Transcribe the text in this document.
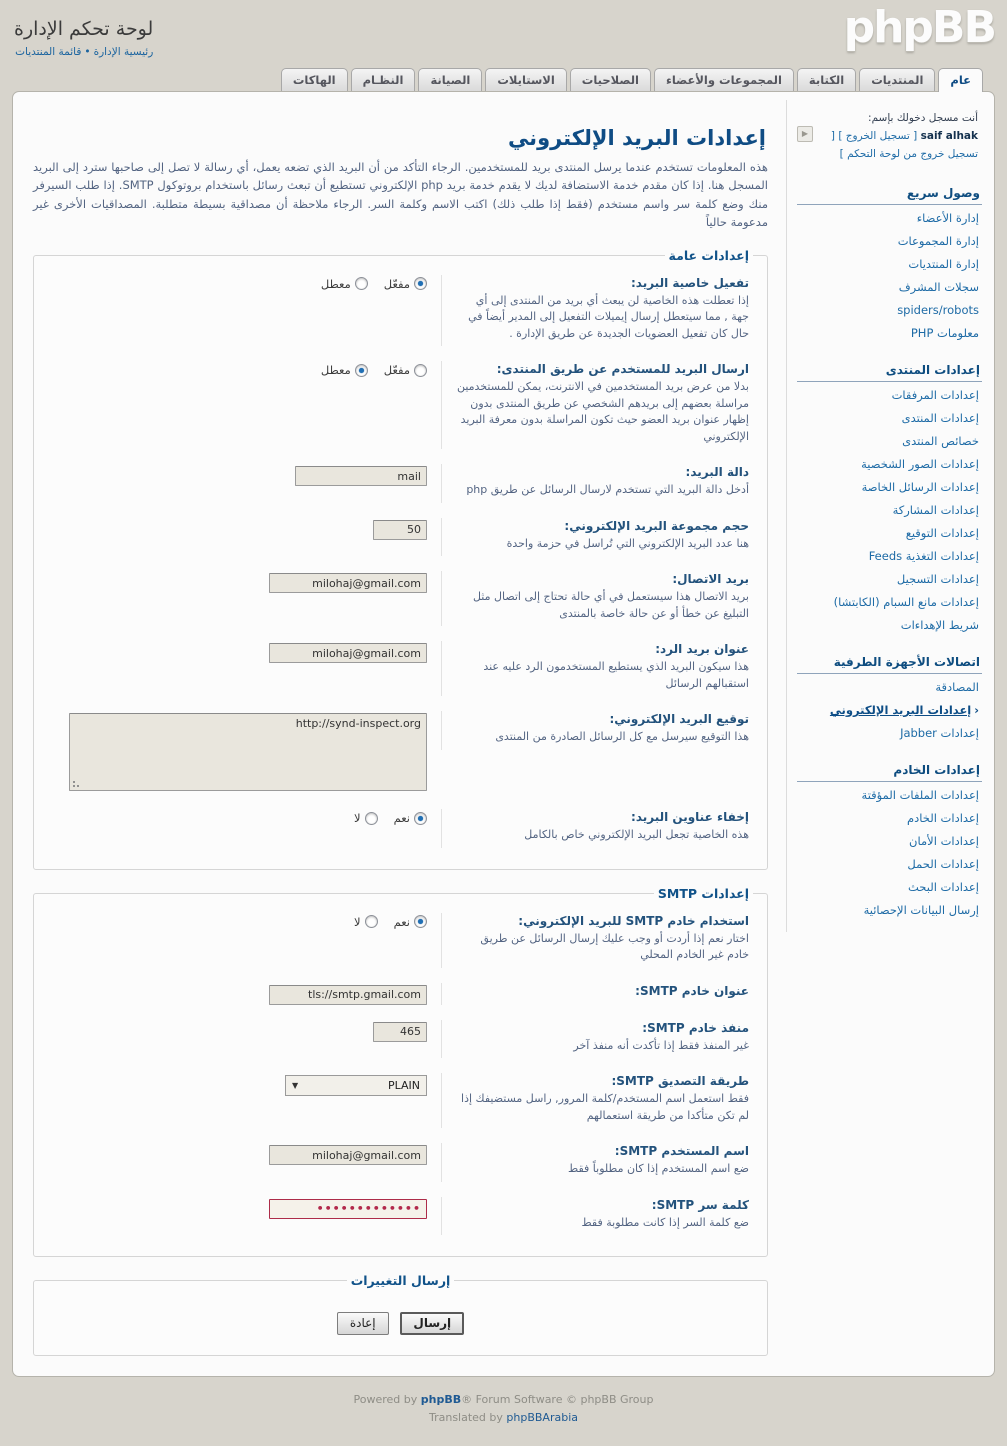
لوحة تحكم الإدارة
رئيسية الإدارة•قائمة المنتديات	phpBB
عام
المنتديات
الكتابة
المجموعات والأعضاء
الصلاحيات
الاستايلات
الصيانة
النظـام
الهاكات
▶
أنت مسجل دخولك بإسم:
saif alhak [ تسجيل الخروج ] [ تسجيل خروج من لوحة التحكم ]
وصول سريع
إدارة الأعضاء
إدارة المجموعات
إدارة المنتديات
سجلات المشرف
spiders/robots
معلومات PHP
إعدادات المنتدى
إعدادات المرفقات
إعدادات المنتدى
خصائص المنتدى
إعدادات الصور الشخصية
إعدادات الرسائل الخاصة
إعدادات المشاركة
إعدادات التوقيع
إعدادات التغذية Feeds
إعدادات التسجيل
إعدادات مانع السبام (الكابتشا)
شريط الإهداءات
اتصالات الأجهزة الطرفية
المصادقة
‹إعدادات البريد الإلكتروني
إعدادات Jabber
إعدادات الخادم
إعدادات الملفات المؤقتة
إعدادات الخادم
إعدادات الأمان
إعدادات الحمل
إعدادات البحث
إرسال البيانات الإحصائية
إعدادات البريد الإلكتروني

هذه المعلومات تستخدم عندما يرسل المنتدى بريد للمستخدمين. الرجاء التأكد من أن البريد الذي تضعه يعمل، أي رسالة لا تصل إلى صاحبها سترد إلى البريد المسجل هنا. إذا كان مقدم خدمة الاستضافة لديك لا يقدم خدمة بريد php الإلكتروني تستطيع أن تبعث رسائل باستخدام بروتوكول SMTP. إذا طلب السيرفر منك وضع كلمة سر واسم مستخدم (فقط إذا طلب ذلك) اكتب الاسم وكلمة السر. الرجاء ملاحظة أن مصداقية بسيطة متطلبة. المصداقيات الأخرى غير مدعومة حالياً

إعدادات عامة
تفعيل خاصية البريد:
إذا تعطلت هذه الخاصية لن يبعث أي بريد من المنتدى إلى أي جهة , مما سيتعطل إرسال إيميلات التفعيل إلى المدير أيضاً في حال كان تفعيل العضويات الجديدة عن طريق الإدارة .
مفعّل
معطل
ارسال البريد للمستخدم عن طريق المنتدى:
بدلا من عرض بريد المستخدمين في الانترنت، يمكن للمستخدمين مراسلة بعضهم إلى بريدهم الشخصي عن طريق المنتدى بدون إظهار عنوان بريد العضو حيث تكون المراسلة بدون معرفة البريد الإلكتروني
مفعّل
معطل
دالة البريد:
أدخل دالة البريد التي تستخدم لارسال الرسائل عن طريق php
mail
حجم مجموعة البريد الإلكتروني:
هنا عدد البريد الإلكتروني التي تُراسل في حزمة واحدة
50
بريد الاتصال:
بريد الاتصال هذا سيستعمل في أي حالة تحتاج إلى اتصال مثل التبليغ عن خطأ أو عن حالة خاصة بالمنتدى
milohaj@gmail.com
عنوان بريد الرد:
هذا سيكون البريد الذي يستطيع المستخدمون الرد عليه عند استقبالهم الرسائل
milohaj@gmail.com
توقيع البريد الإلكتروني:
هذا التوقيع سيرسل مع كل الرسائل الصادرة من المنتدى
http://synd-inspect.org
إخفاء عناوين البريد:
هذه الخاصية تجعل البريد الإلكتروني خاص بالكامل
نعم
لا
إعدادات SMTP
استخدام خادم SMTP للبريد الإلكتروني:
اختار نعم إذا أردت أو وجب عليك إرسال الرسائل عن طريق خادم غير الخادم المحلي
نعم
لا
عنوان خادم SMTP:
tls://smtp.gmail.com
منفذ خادم SMTP:
غير المنفذ فقط إذا تأكدت أنه منفذ آخر
465
طريقة التصديق SMTP:
فقط استعمل اسم المستخدم/كلمة المرور, راسل مستضيفك إذا لم تكن متأكدا من طريقة استعمالهم
PLAIN
▼
اسم المستخدم SMTP:
ضع اسم المستخدم إذا كان مطلوباً فقط
milohaj@gmail.com
كلمة سر SMTP:
ضع كلمة السر إذا كانت مطلوبة فقط
•••••••••••••
إرسال التغييرات
إرسال إعادة
Powered by phpBB® Forum Software © phpBB Group
Translated by phpBBArabia
